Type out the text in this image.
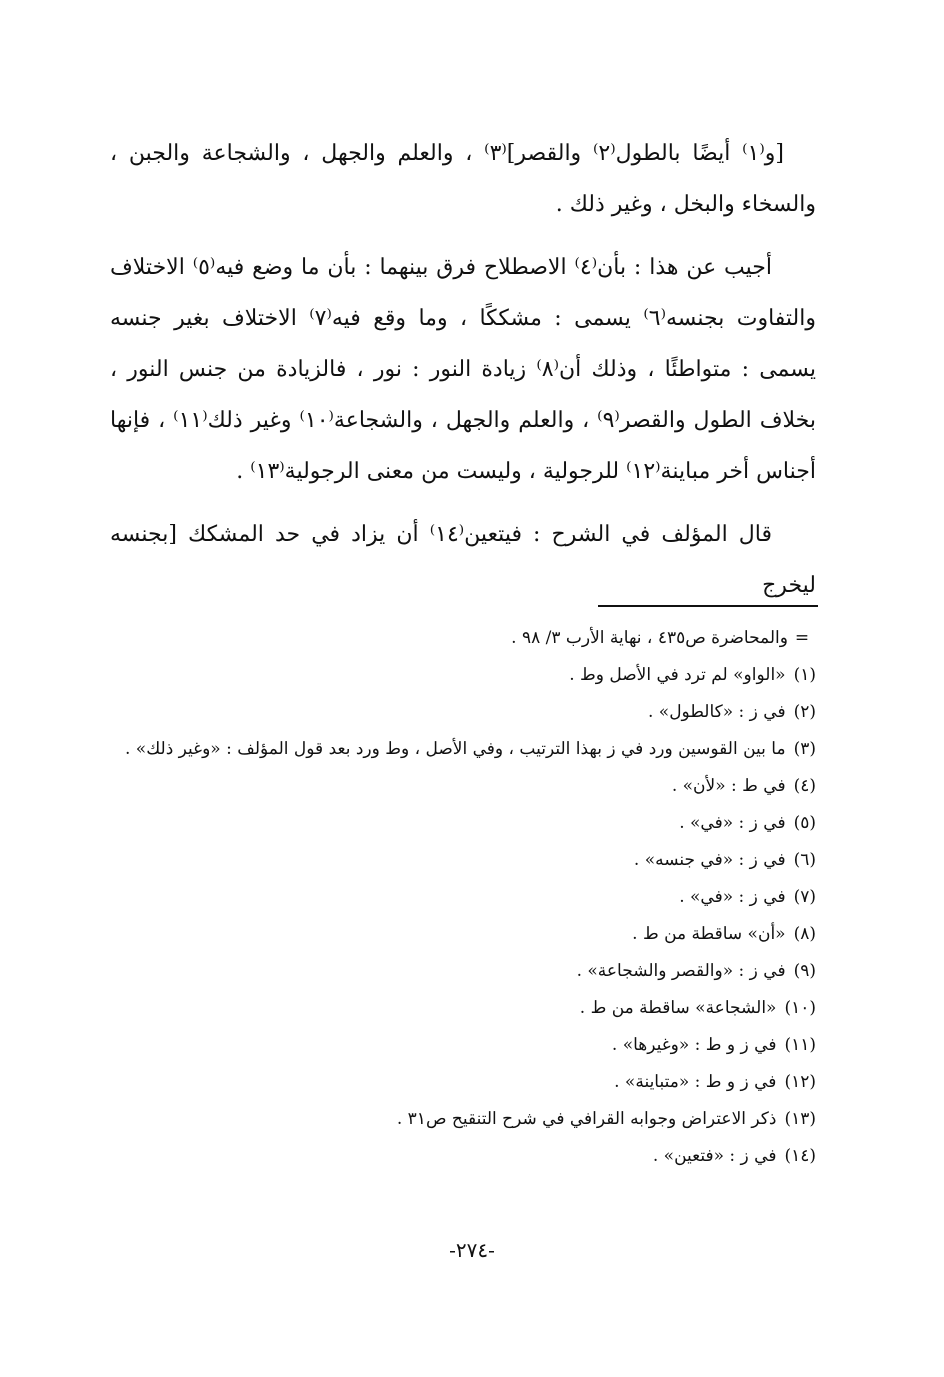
[و⁽١⁾ أيضًا بالطول⁽٢⁾ والقصر]⁽٣⁾ ، والعلم والجهل ، والشجاعة والجبن ، والسخاء والبخل ، وغير ذلك .

أجيب عن هذا : بأن⁽٤⁾ الاصطلاح فرق بينهما : بأن ما وضع فيه⁽٥⁾ الاختلاف والتفاوت بجنسه⁽٦⁾ يسمى : مشككًا ، وما وقع فيه⁽٧⁾ الاختلاف بغير جنسه يسمى : متواطئًا ، وذلك أن⁽٨⁾ زيادة النور : نور ، فالزيادة من جنس النور ، بخلاف الطول والقصر⁽٩⁾ ، والعلم والجهل ، والشجاعة⁽١٠⁾ وغير ذلك⁽١١⁾ ، فإنها أجناس أخر مباينة⁽١٢⁾ للرجولية ، وليست من معنى الرجولية⁽١٣⁾ .

قال المؤلف في الشرح : فيتعين⁽١٤⁾ أن يزاد في حد المشكك [بجنسه ليخرج

=
والمحاضرة ص٤٣٥ ، نهاية الأرب ٣/ ٩٨ .
(١)
«الواو» لم ترد في الأصل وط .
(٢)
في ز : «كالطول» .
(٣)
ما بين القوسين ورد في ز بهذا الترتيب ، وفي الأصل ، وط ورد بعد قول المؤلف : «وغير ذلك» .
(٤)
في ط : «لأن» .
(٥)
في ز : «في» .
(٦)
في ز : «في جنسه» .
(٧)
في ز : «في» .
(٨)
«أن» ساقطة من ط .
(٩)
في ز : «والقصر والشجاعة» .
(١٠)
«الشجاعة» ساقطة من ط .
(١١)
في ز و ط : «وغيرها» .
(١٢)
في ز و ط : «متباينة» .
(١٣)
ذكر الاعتراض وجوابه القرافي في شرح التنقيح ص٣١ .
(١٤)
في ز : «فتعين» .
-٢٧٤-
